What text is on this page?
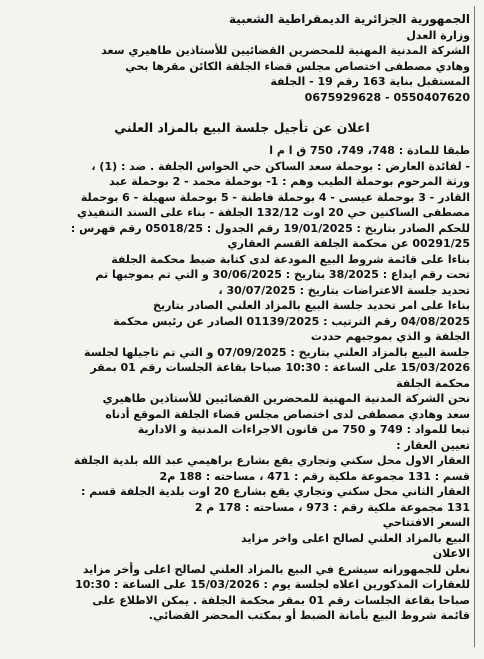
الجمهورية الجزائرية الديمقراطية الشعبية

وزارة العدل

الشركة المدنية المهنية للمحضرين القضائيين للأستاذين طاهيري سعد

وهادي مصطفى اختصاص مجلس قضاء الجلفة الكائن مقرها بحي

المستقبل بناية 163 رقم 19 - الجلفة

0550407620 - 0675929628

اعلان عن تأجيل جلسة البيع بالمزاد العلني

طبقا للمادة : 748، 749، 750 ق ا م ا

- لفائدة العارض : بوحملة سعد الساكن حي الحواس الجلفة . ضد : (1) ،

ورثة المرحوم بوحملة الطيب وهم : 1- بوحملة محمد - 2 بوحملة عبد

القادر - 3 بوحملة عيسى - 4 بوحملة فاطنة - 5 بوحملة سهيلة - 6 بوحملة

مصطفى الساكنين حي 20 اوت 132/12 الجلفة - بناء على السند التنفيذي

للحكم الصادر بتاريخ : 19/01/2025 رقم الجدول : 05018/25 رقم فهرس :

00291/25 عن محكمة الجلفة القسم العقاري

بناءا على قائمة شروط البيع المودعة لدى كتابة ضبط محكمة الجلفة

تحت رقم ايداع : 38/2025 بتاريخ : 30/06/2025 و التي تم بموجبها تم

تحديد جلسة الاعتراضات بتاريخ : 30/07/2025 ،

بناءا على امر تحديد جلسة البيع بالمزاد العلني الصادر بتاريخ

04/08/2025 رقم الترتيب : 01139/2025 الصادر عن رئيس محكمة

الجلفة و الذي بموجبهم حددت

جلسة البيع بالمزاد العلني بتاريخ : 07/09/2025 و التي تم تاجيلها لجلسة

15/03/2026 على الساعة : 10:30 صباحا بقاعة الجلسات رقم 01 بمقر

محكمة الجلفة

نحن الشركة المدنية المهنية للمحضرين القضائيين للأستاذين طاهيري

سعد وهادي مصطفى لدى اختصاص مجلس قضاء الجلفة الموقع أدناه

تبعا للمواد : 749 و 750 من قانون الاجراءات المدنية و الادارية

تعيين العقار :

العقار الاول محل سكني وتجاري يقع بشارع براهيمي عبد الله بلدية الجلفة

قسم : 131 مجموعة ملكية رقم : 471 ، مساحته : 188 م2

العقار الثاني محل سكني وتجاري يقع بشارع 20 اوت بلدية الجلفة قسم :

131 مجموعة ملكية رقم : 973 ، مساحته : 178 م 2

السعر الافتتاحي

البيع بالمزاد العلني لصالح اعلى واخر مزايد

الاعلان

نعلن للجمهورانه سيشرع في البيع بالمزاد العلني لصالح اعلى وأخر مزايد

للعقارات المذكورين اعلاه لجلسة يوم : 15/03/2026 على الساعة : 10:30

صباحا بقاعة الجلسات رقم 01 بمقر محكمة الجلفة . يمكن الاطلاع على

قائمة شروط البيع بأمانة الضبط أو بمكتب المحضر القضائي.
